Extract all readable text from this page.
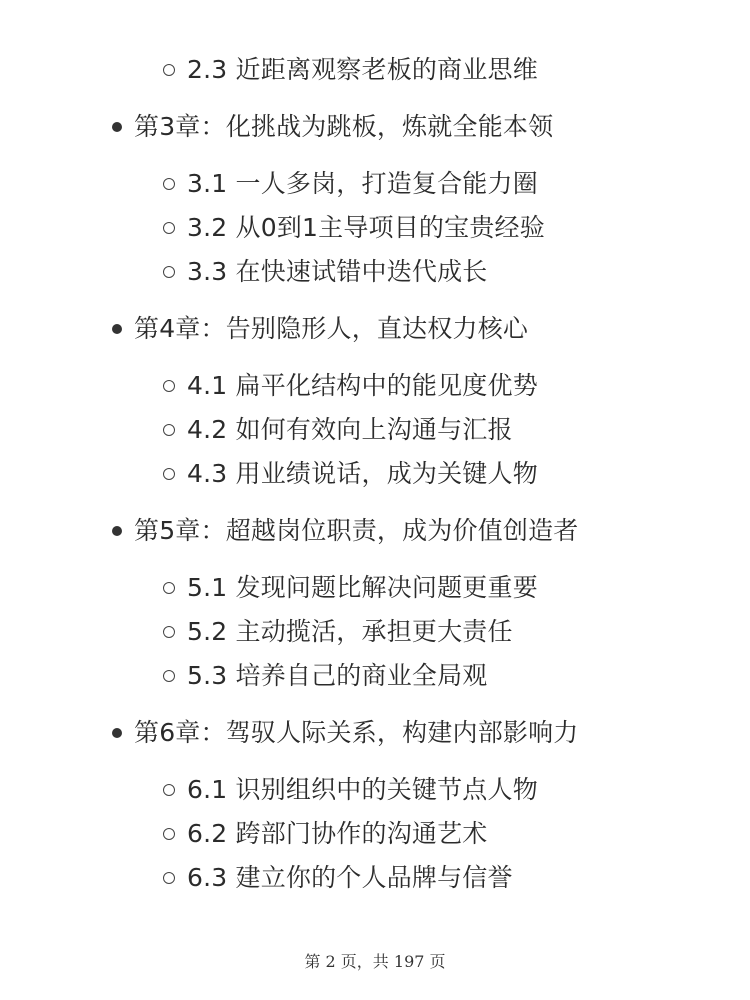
2.3 近距离观察老板的商业思维
第3章：化挑战为跳板，炼就全能本领
3.1 一人多岗，打造复合能力圈
3.2 从0到1主导项目的宝贵经验
3.3 在快速试错中迭代成长
第4章：告别隐形人，直达权力核心
4.1 扁平化结构中的能见度优势
4.2 如何有效向上沟通与汇报
4.3 用业绩说话，成为关键人物
第5章：超越岗位职责，成为价值创造者
5.1 发现问题比解决问题更重要
5.2 主动揽活，承担更大责任
5.3 培养自己的商业全局观
第6章：驾驭人际关系，构建内部影响力
6.1 识别组织中的关键节点人物
6.2 跨部门协作的沟通艺术
6.3 建立你的个人品牌与信誉
第 2 页，共 197 页
